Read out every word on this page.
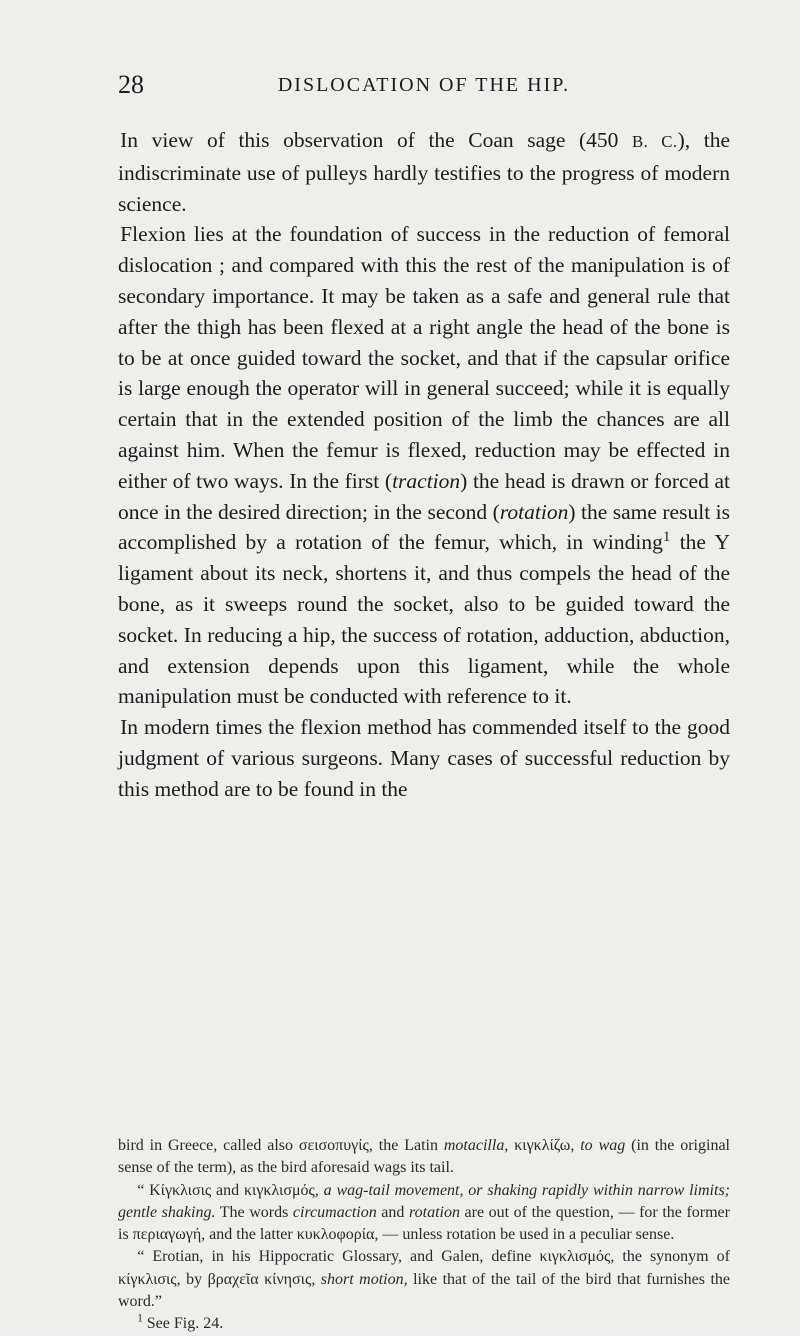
28	DISLOCATION OF THE HIP.

In view of this observation of the Coan sage (450 B. C.), the indiscriminate use of pulleys hardly testifies to the progress of modern science.

Flexion lies at the foundation of success in the reduction of femoral dislocation ; and compared with this the rest of the manipulation is of secondary importance. It may be taken as a safe and general rule that after the thigh has been flexed at a right angle the head of the bone is to be at once guided toward the socket, and that if the capsular orifice is large enough the operator will in general succeed; while it is equally certain that in the extended position of the limb the chances are all against him. When the femur is flexed, reduction may be effected in either of two ways. In the first (traction) the head is drawn or forced at once in the desired direction; in the second (rotation) the same result is accomplished by a rotation of the femur, which, in winding$^1$ the Y ligament about its neck, shortens it, and thus compels the head of the bone, as it sweeps round the socket, also to be guided toward the socket. In reducing a hip, the success of rotation, adduction, abduction, and extension depends upon this ligament, while the whole manipulation must be conducted with reference to it.

In modern times the flexion method has commended itself to the good judgment of various surgeons. Many cases of successful reduction by this method are to be found in the

bird in Greece, called also σεισοπυγίς, the Latin motacilla, κιγκλίζω, to wag (in the original sense of the term), as the bird aforesaid wags its tail.

“ Κίγκλισις and κιγκλισμός, a wag-tail movement, or shaking rapidly within narrow limits; gentle shaking. The words circumaction and rotation are out of the question, — for the former is περιαγωγή, and the latter κυκλοφορία, — unless rotation be used in a peculiar sense.

“ Erotian, in his Hippocratic Glossary, and Galen, define κιγκλισμός, the synonym of κίγκλισις, by βραχεῖα κίνησις, short motion, like that of the tail of the bird that furnishes the word.”

$^1$ See Fig. 24.
